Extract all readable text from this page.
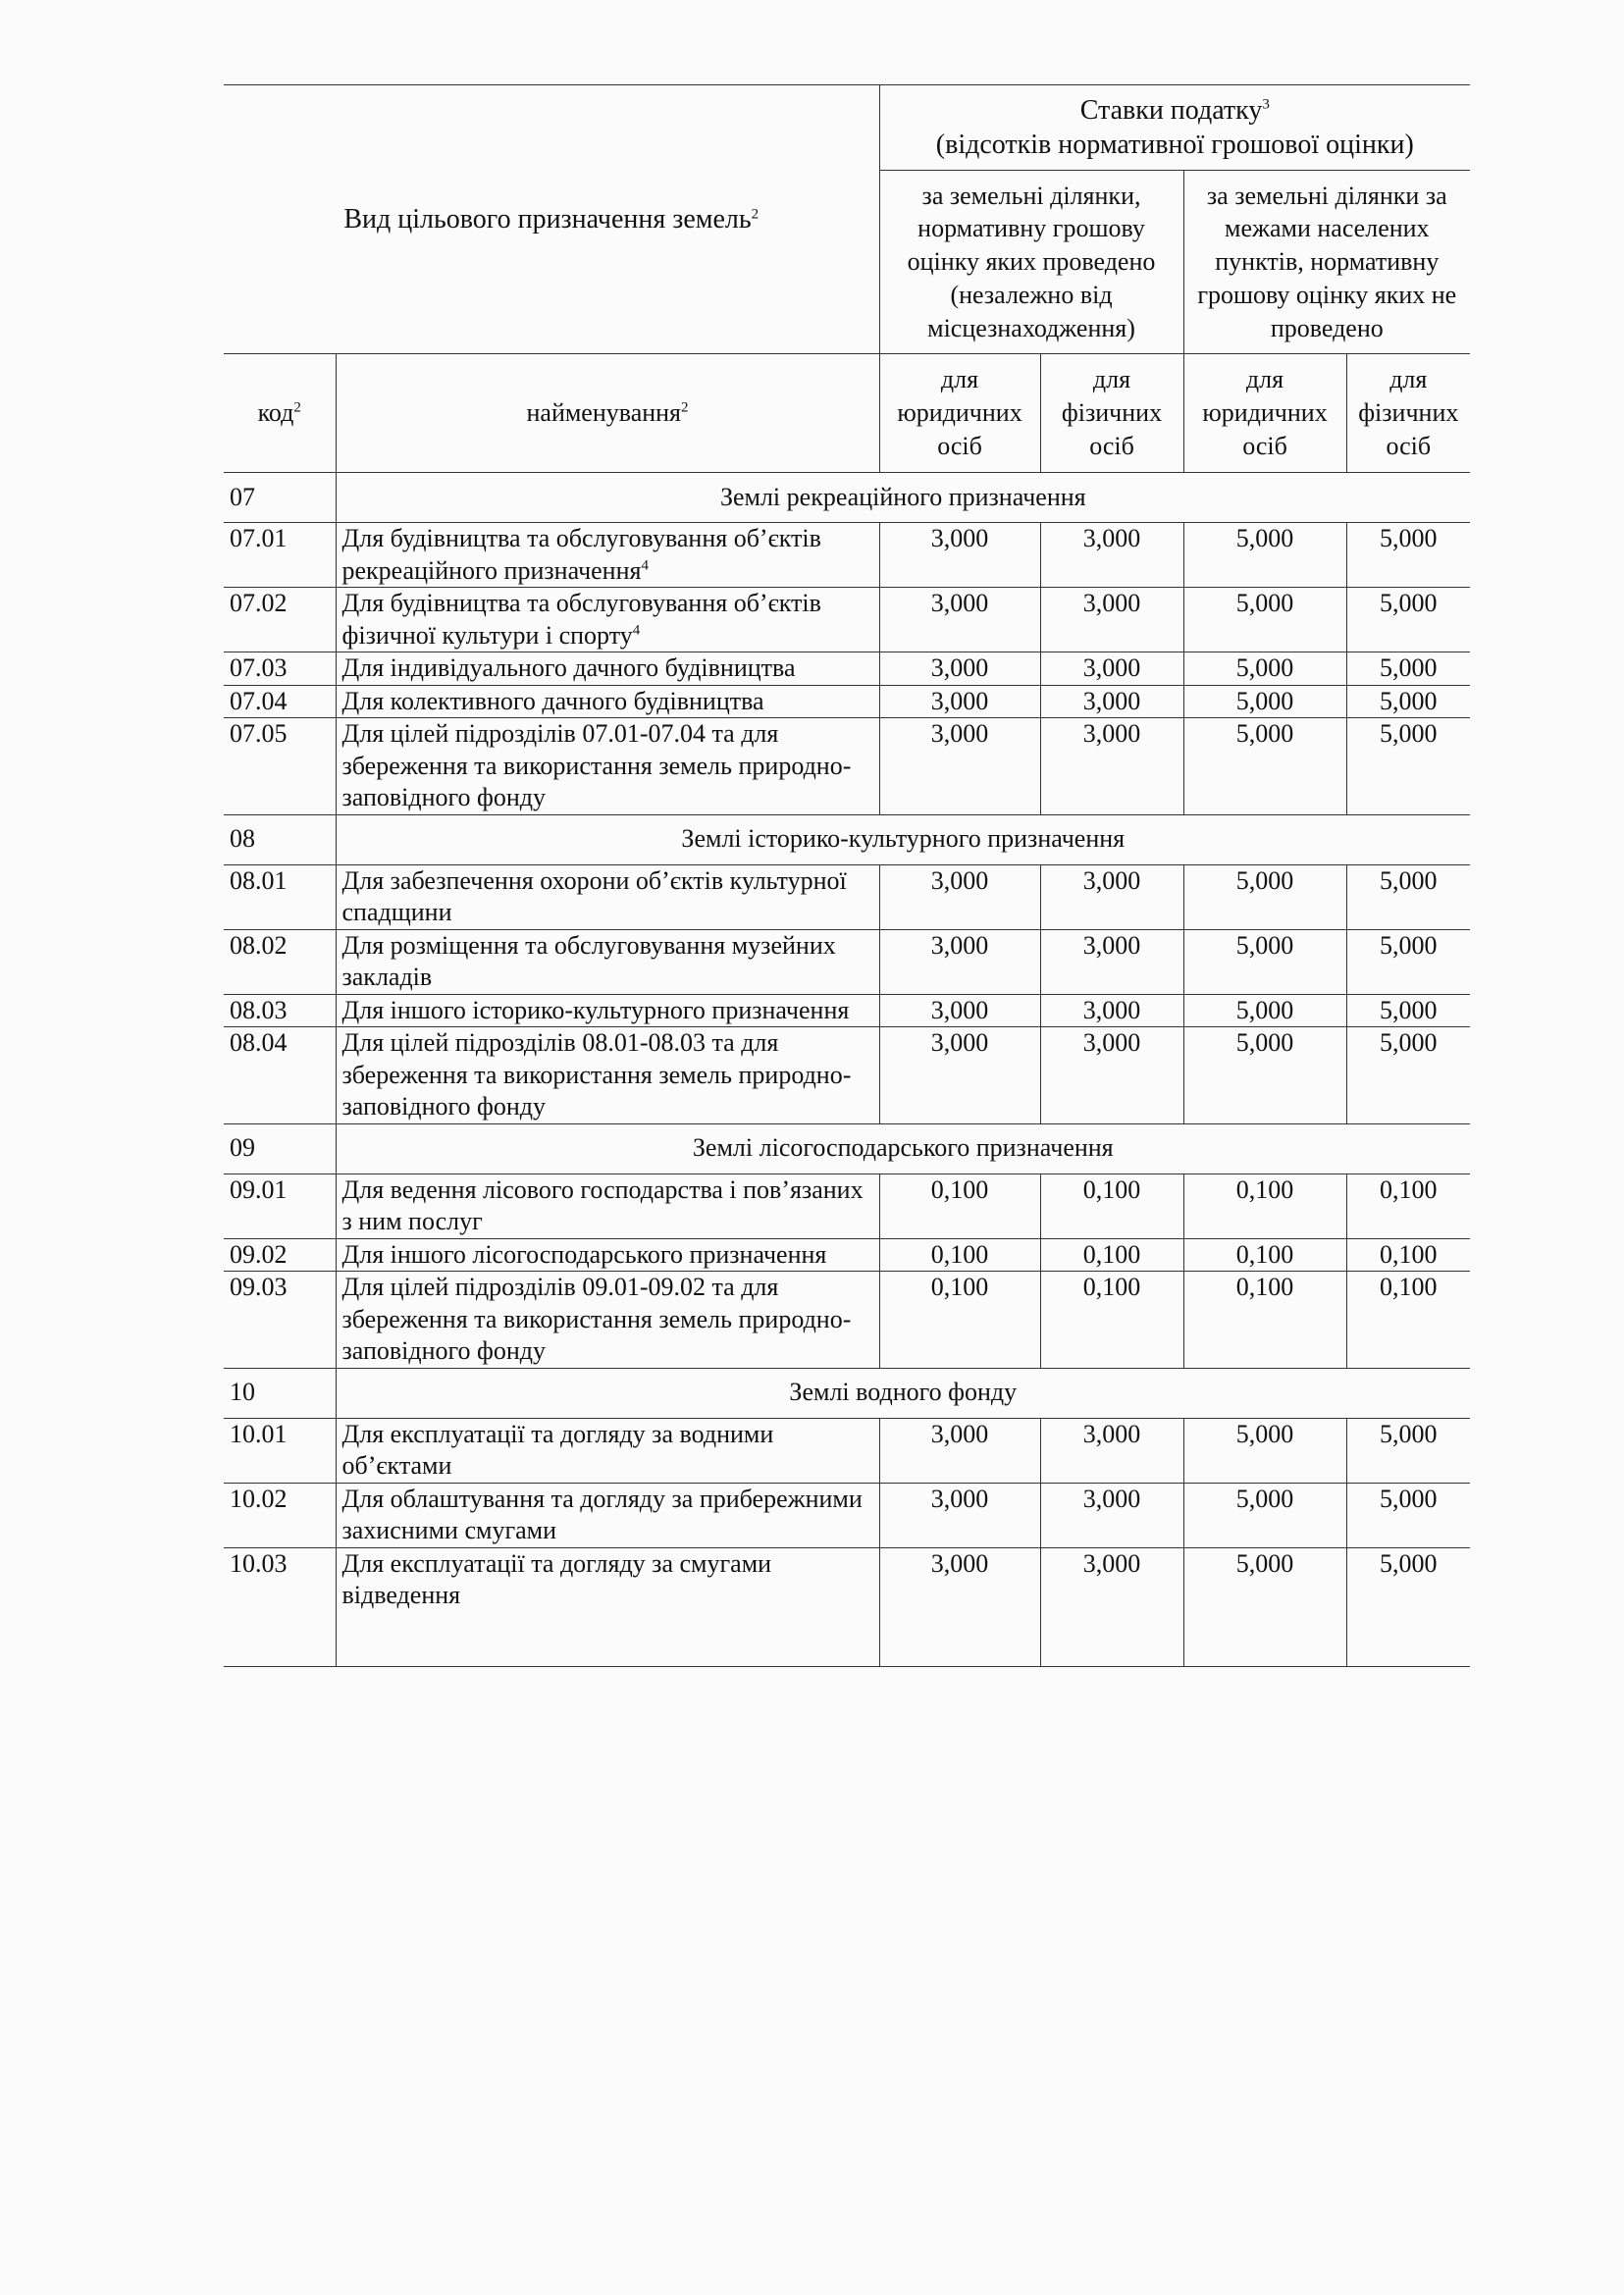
Вид цільового призначення земель$^2$		Ставки податку$^3$
(відсотків нормативної грошової оцінки)			

		за земельні ділянки, нормативну грошову оцінку яких проведено (незалежно від місцезнаходження)		за земельні ділянки за межами населених пунктів, нормативну грошову оцінку яких не проведено	
код$^2$	найменування$^2$	для юридичних осіб	для фізичних осіб	для юридичних осіб	для фізичних осіб
07	Землі рекреаційного призначення				
07.01	Для будівництва та обслуговування об’єктів рекреаційного призначення$^4$	3,000	3,000	5,000	5,000
07.02	Для будівництва та обслуговування об’єктів фізичної культури і спорту$^4$	3,000	3,000	5,000	5,000
07.03	Для індивідуального дачного будівництва	3,000	3,000	5,000	5,000
07.04	Для колективного дачного будівництва	3,000	3,000	5,000	5,000
07.05	Для цілей підрозділів 07.01-07.04 та для збереження та використання земель природно-заповідного фонду	3,000	3,000	5,000	5,000
08	Землі історико-культурного призначення				
08.01	Для забезпечення охорони об’єктів культурної спадщини	3,000	3,000	5,000	5,000
08.02	Для розміщення та обслуговування музейних закладів	3,000	3,000	5,000	5,000
08.03	Для іншого історико-культурного призначення	3,000	3,000	5,000	5,000
08.04	Для цілей підрозділів 08.01-08.03 та для збереження та використання земель природно-заповідного фонду	3,000	3,000	5,000	5,000
09	Землі лісогосподарського призначення				
09.01	Для ведення лісового господарства і пов’язаних з ним послуг	0,100	0,100	0,100	0,100
09.02	Для іншого лісогосподарського призначення	0,100	0,100	0,100	0,100
09.03	Для цілей підрозділів 09.01-09.02 та для збереження та використання земель природно-заповідного фонду	0,100	0,100	0,100	0,100
10	Землі водного фонду				
10.01	Для експлуатації та догляду за водними об’єктами	3,000	3,000	5,000	5,000
10.02	Для облаштування та догляду за прибережними захисними смугами	3,000	3,000	5,000	5,000
10.03	Для експлуатації та догляду за смугами відведення	3,000	3,000	5,000	5,000
